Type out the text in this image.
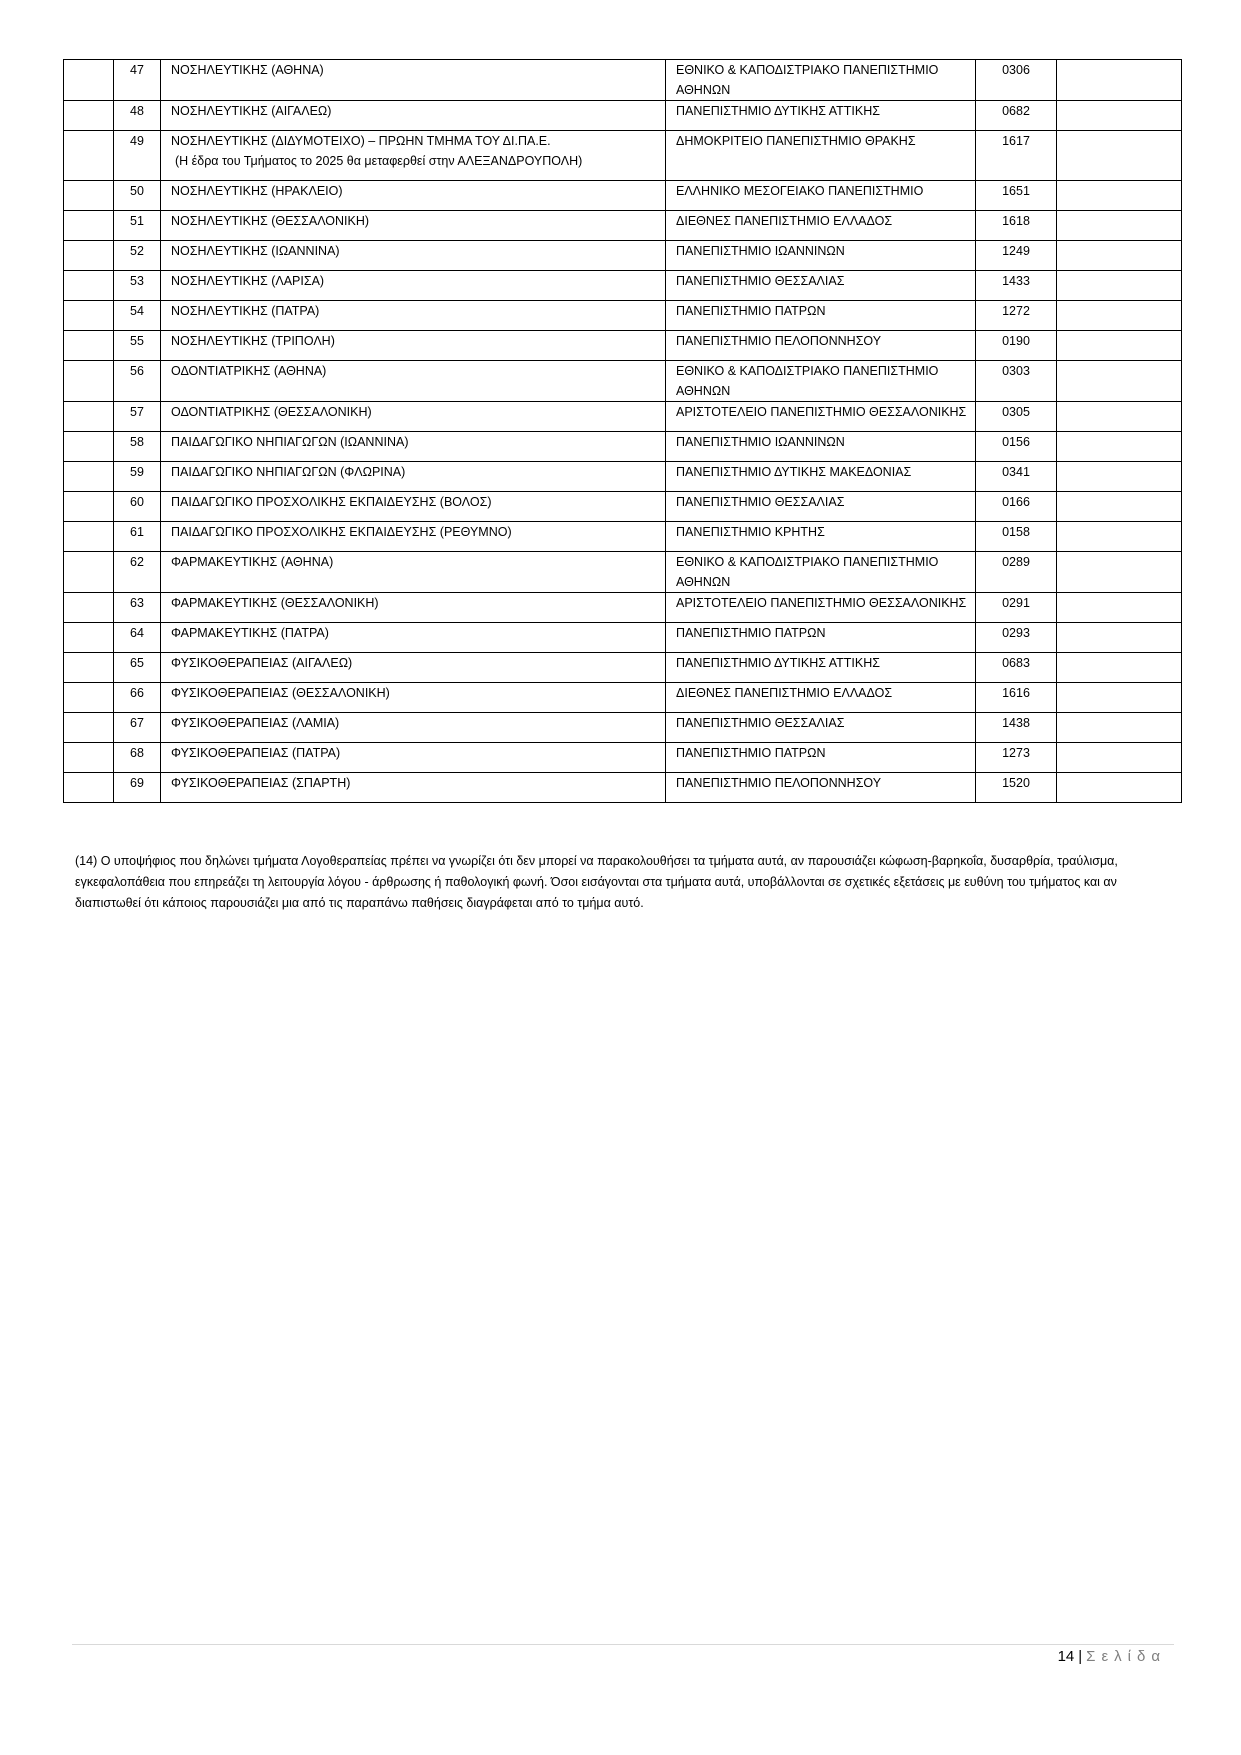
	47	ΝΟΣΗΛΕΥΤΙΚΗΣ (ΑΘΗΝΑ)	ΕΘΝΙΚΟ & ΚΑΠΟΔΙΣΤΡΙΑΚΟ ΠΑΝΕΠΙΣΤΗΜΙΟ
ΑΘΗΝΩΝ	0306	

	48	ΝΟΣΗΛΕΥΤΙΚΗΣ (ΑΙΓΑΛΕΩ)	ΠΑΝΕΠΙΣΤΗΜΙΟ ΔΥΤΙΚΗΣ ΑΤΤΙΚΗΣ	0682	

	49	ΝΟΣΗΛΕΥΤΙΚΗΣ (ΔΙΔΥΜΟΤΕΙΧΟ) – ΠΡΩΗΝ ΤΜΗΜΑ ΤΟΥ ΔΙ.ΠΑ.Ε.
(Η έδρα του Τμήματος το 2025 θα μεταφερθεί στην ΑΛΕΞΑΝΔΡΟΥΠΟΛΗ)	ΔΗΜΟΚΡΙΤΕΙΟ ΠΑΝΕΠΙΣΤΗΜΙΟ ΘΡΑΚΗΣ	1617	

	50	ΝΟΣΗΛΕΥΤΙΚΗΣ (ΗΡΑΚΛΕΙΟ)	ΕΛΛΗΝΙΚΟ ΜΕΣΟΓΕΙΑΚΟ ΠΑΝΕΠΙΣΤΗΜΙΟ	1651	

	51	ΝΟΣΗΛΕΥΤΙΚΗΣ (ΘΕΣΣΑΛΟΝΙΚΗ)	ΔΙΕΘΝΕΣ ΠΑΝΕΠΙΣΤΗΜΙΟ ΕΛΛΑΔΟΣ	1618	

	52	ΝΟΣΗΛΕΥΤΙΚΗΣ (ΙΩΑΝΝΙΝΑ)	ΠΑΝΕΠΙΣΤΗΜΙΟ ΙΩΑΝΝΙΝΩΝ	1249	

	53	ΝΟΣΗΛΕΥΤΙΚΗΣ (ΛΑΡΙΣΑ)	ΠΑΝΕΠΙΣΤΗΜΙΟ ΘΕΣΣΑΛΙΑΣ	1433	

	54	ΝΟΣΗΛΕΥΤΙΚΗΣ (ΠΑΤΡΑ)	ΠΑΝΕΠΙΣΤΗΜΙΟ ΠΑΤΡΩΝ	1272	

	55	ΝΟΣΗΛΕΥΤΙΚΗΣ (ΤΡΙΠΟΛΗ)	ΠΑΝΕΠΙΣΤΗΜΙΟ ΠΕΛΟΠΟΝΝΗΣΟΥ	0190	

	56	ΟΔΟΝΤΙΑΤΡΙΚΗΣ (ΑΘΗΝΑ)	ΕΘΝΙΚΟ & ΚΑΠΟΔΙΣΤΡΙΑΚΟ ΠΑΝΕΠΙΣΤΗΜΙΟ
ΑΘΗΝΩΝ	0303	

	57	ΟΔΟΝΤΙΑΤΡΙΚΗΣ (ΘΕΣΣΑΛΟΝΙΚΗ)	ΑΡΙΣΤΟΤΕΛΕΙΟ ΠΑΝΕΠΙΣΤΗΜΙΟ ΘΕΣΣΑΛΟΝΙΚΗΣ	0305	

	58	ΠΑΙΔΑΓΩΓΙΚΟ ΝΗΠΙΑΓΩΓΩΝ (ΙΩΑΝΝΙΝΑ)	ΠΑΝΕΠΙΣΤΗΜΙΟ ΙΩΑΝΝΙΝΩΝ	0156	

	59	ΠΑΙΔΑΓΩΓΙΚΟ ΝΗΠΙΑΓΩΓΩΝ (ΦΛΩΡΙΝΑ)	ΠΑΝΕΠΙΣΤΗΜΙΟ ΔΥΤΙΚΗΣ ΜΑΚΕΔΟΝΙΑΣ	0341	

	60	ΠΑΙΔΑΓΩΓΙΚΟ ΠΡΟΣΧΟΛΙΚΗΣ ΕΚΠΑΙΔΕΥΣΗΣ (ΒΟΛΟΣ)	ΠΑΝΕΠΙΣΤΗΜΙΟ ΘΕΣΣΑΛΙΑΣ	0166	

	61	ΠΑΙΔΑΓΩΓΙΚΟ ΠΡΟΣΧΟΛΙΚΗΣ ΕΚΠΑΙΔΕΥΣΗΣ (ΡΕΘΥΜΝΟ)	ΠΑΝΕΠΙΣΤΗΜΙΟ ΚΡΗΤΗΣ	0158	

	62	ΦΑΡΜΑΚΕΥΤΙΚΗΣ (ΑΘΗΝΑ)	ΕΘΝΙΚΟ & ΚΑΠΟΔΙΣΤΡΙΑΚΟ ΠΑΝΕΠΙΣΤΗΜΙΟ
ΑΘΗΝΩΝ	0289	

	63	ΦΑΡΜΑΚΕΥΤΙΚΗΣ (ΘΕΣΣΑΛΟΝΙΚΗ)	ΑΡΙΣΤΟΤΕΛΕΙΟ ΠΑΝΕΠΙΣΤΗΜΙΟ ΘΕΣΣΑΛΟΝΙΚΗΣ	0291	

	64	ΦΑΡΜΑΚΕΥΤΙΚΗΣ (ΠΑΤΡΑ)	ΠΑΝΕΠΙΣΤΗΜΙΟ ΠΑΤΡΩΝ	0293	

	65	ΦΥΣΙΚΟΘΕΡΑΠΕΙΑΣ (ΑΙΓΑΛΕΩ)	ΠΑΝΕΠΙΣΤΗΜΙΟ ΔΥΤΙΚΗΣ ΑΤΤΙΚΗΣ	0683	

	66	ΦΥΣΙΚΟΘΕΡΑΠΕΙΑΣ (ΘΕΣΣΑΛΟΝΙΚΗ)	ΔΙΕΘΝΕΣ ΠΑΝΕΠΙΣΤΗΜΙΟ ΕΛΛΑΔΟΣ	1616	

	67	ΦΥΣΙΚΟΘΕΡΑΠΕΙΑΣ (ΛΑΜΙΑ)	ΠΑΝΕΠΙΣΤΗΜΙΟ ΘΕΣΣΑΛΙΑΣ	1438	

	68	ΦΥΣΙΚΟΘΕΡΑΠΕΙΑΣ (ΠΑΤΡΑ)	ΠΑΝΕΠΙΣΤΗΜΙΟ ΠΑΤΡΩΝ	1273	

	69	ΦΥΣΙΚΟΘΕΡΑΠΕΙΑΣ (ΣΠΑΡΤΗ)	ΠΑΝΕΠΙΣΤΗΜΙΟ ΠΕΛΟΠΟΝΝΗΣΟΥ	1520	

(14) Ο υποψήφιος που δηλώνει τμήματα Λογοθεραπείας πρέπει να γνωρίζει ότι δεν μπορεί να παρακολουθήσει τα τμήματα αυτά, αν παρουσιάζει κώφωση-βαρηκοΐα, δυσαρθρία, τραύλισμα, εγκεφαλοπάθεια που επηρεάζει τη λειτουργία λόγου - άρθρωσης ή παθολογική φωνή. Όσοι εισάγονται στα τμήματα αυτά, υποβάλλονται σε σχετικές εξετάσεις με ευθύνη του τμήματος και αν διαπιστωθεί ότι κάποιος παρουσιάζει μια από τις παραπάνω παθήσεις διαγράφεται από το τμήμα αυτό.

14 | Σελίδα
